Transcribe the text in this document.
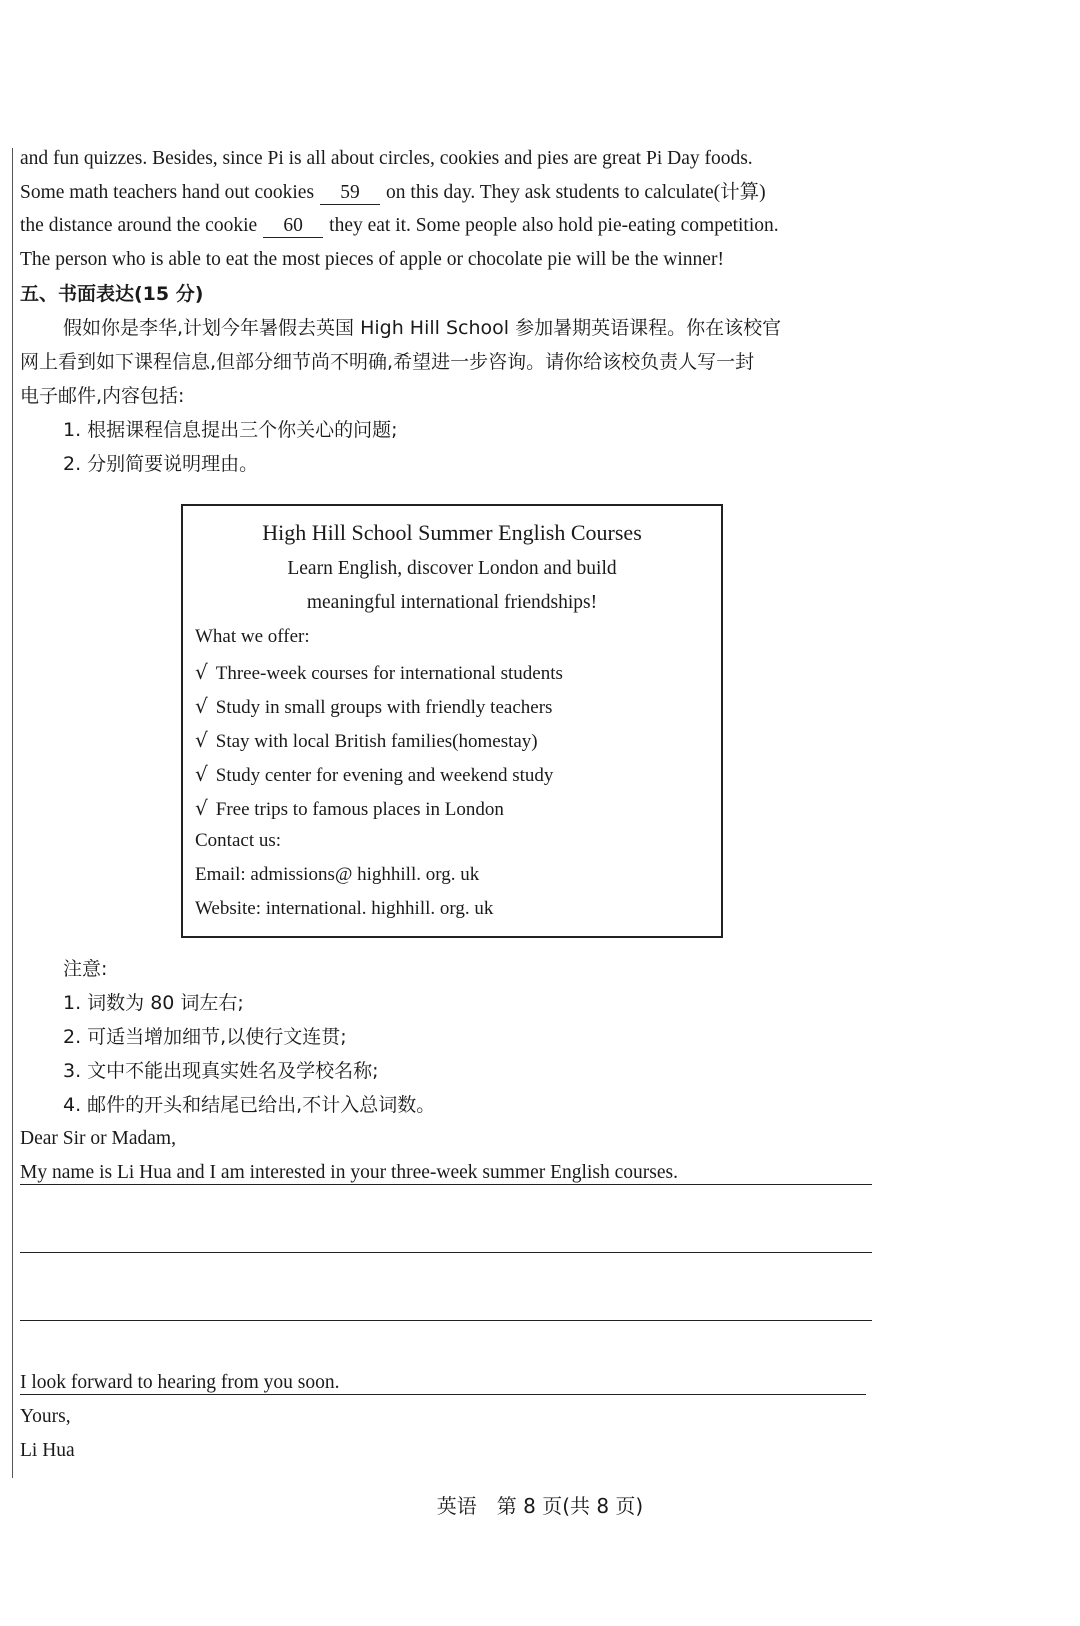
and fun quizzes. Besides, since Pi is all about circles, cookies and pies are great Pi Day foods.
Some math teachers hand out cookies 59 on this day. They ask students to calculate(计算)
the distance around the cookie 60 they eat it. Some people also hold pie-eating competition.
The person who is able to eat the most pieces of apple or chocolate pie will be the winner!
五、书面表达(15 分)
假如你是李华,计划今年暑假去英国 High Hill School 参加暑期英语课程。你在该校官
网上看到如下课程信息,但部分细节尚不明确,希望进一步咨询。请你给该校负责人写一封
电子邮件,内容包括:
1. 根据课程信息提出三个你关心的问题;
2. 分别简要说明理由。
High Hill School Summer English Courses
Learn English, discover London and build
meaningful international friendships!
What we offer:
√ Three-week courses for international students
√ Study in small groups with friendly teachers
√ Stay with local British families(homestay)
√ Study center for evening and weekend study
√ Free trips to famous places in London
Contact us:
Email: admissions@ highhill. org. uk
Website: international. highhill. org. uk
注意:
1. 词数为 80 词左右;
2. 可适当增加细节,以使行文连贯;
3. 文中不能出现真实姓名及学校名称;
4. 邮件的开头和结尾已给出,不计入总词数。
Dear Sir or Madam,
My name is Li Hua and I am interested in your three-week summer English courses.
I look forward to hearing from you soon.
Yours,
Li Hua
英语　第 8 页(共 8 页)
